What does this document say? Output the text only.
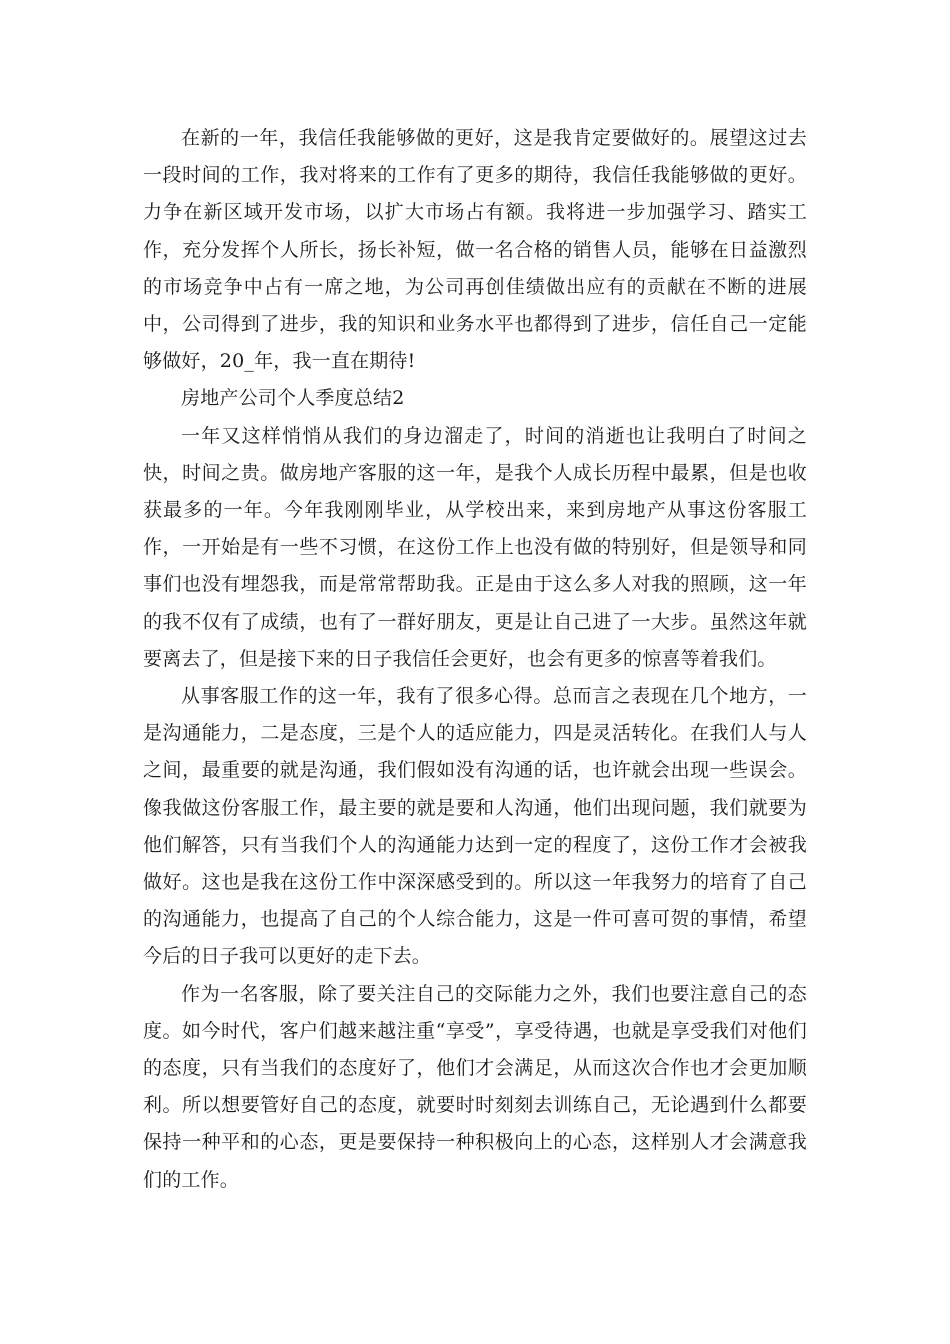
在新的一年，我信任我能够做的更好，这是我肯定要做好的。展望这过去一段时间的工作，我对将来的工作有了更多的期待，我信任我能够做的更好。力争在新区域开发市场，以扩大市场占有额。我将进一步加强学习、踏实工作，充分发挥个人所长，扬长补短，做一名合格的销售人员，能够在日益激烈的市场竞争中占有一席之地，为公司再创佳绩做出应有的贡献在不断的进展中，公司得到了进步，我的知识和业务水平也都得到了进步，信任自己一定能够做好，20_年，我一直在期待!

房地产公司个人季度总结2

一年又这样悄悄从我们的身边溜走了，时间的消逝也让我明白了时间之快，时间之贵。做房地产客服的这一年，是我个人成长历程中最累，但是也收获最多的一年。今年我刚刚毕业，从学校出来，来到房地产从事这份客服工作，一开始是有一些不习惯，在这份工作上也没有做的特别好，但是领导和同事们也没有埋怨我，而是常常帮助我。正是由于这么多人对我的照顾，这一年的我不仅有了成绩，也有了一群好朋友，更是让自己进了一大步。虽然这年就要离去了，但是接下来的日子我信任会更好，也会有更多的惊喜等着我们。

从事客服工作的这一年，我有了很多心得。总而言之表现在几个地方，一是沟通能力，二是态度，三是个人的适应能力，四是灵活转化。在我们人与人之间，最重要的就是沟通，我们假如没有沟通的话，也许就会出现一些误会。像我做这份客服工作，最主要的就是要和人沟通，他们出现问题，我们就要为他们解答，只有当我们个人的沟通能力达到一定的程度了，这份工作才会被我做好。这也是我在这份工作中深深感受到的。所以这一年我努力的培育了自己的沟通能力，也提高了自己的个人综合能力，这是一件可喜可贺的事情，希望今后的日子我可以更好的走下去。

作为一名客服，除了要关注自己的交际能力之外，我们也要注意自己的态度。如今时代，客户们越来越注重“享受”，享受待遇，也就是享受我们对他们的态度，只有当我们的态度好了，他们才会满足，从而这次合作也才会更加顺利。所以想要管好自己的态度，就要时时刻刻去训练自己，无论遇到什么都要保持一种平和的心态，更是要保持一种积极向上的心态，这样别人才会满意我们的工作。
